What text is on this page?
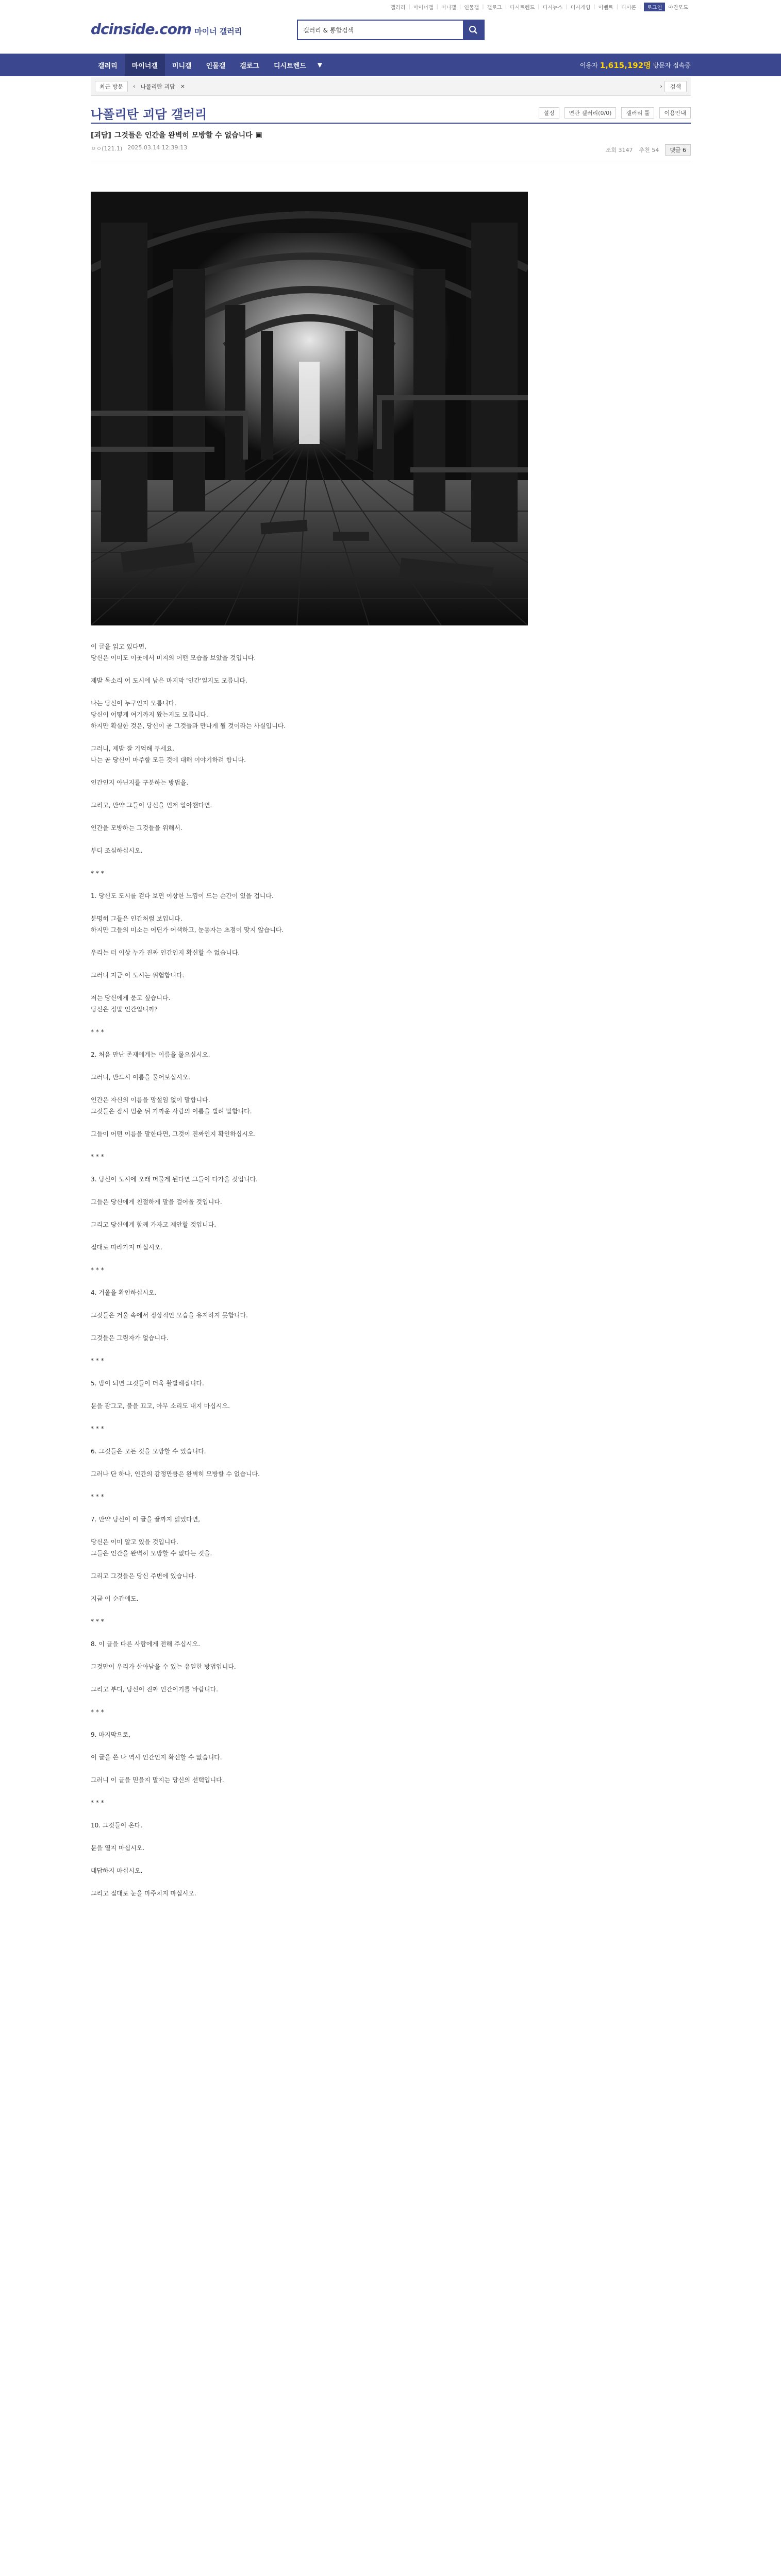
갤러리 | 마이너갤 | 미니갤 | 인물갤 | 갤로그 | 디시트렌드 | 디시뉴스 | 디시게임 | 이벤트 | 디시콘 |	로그인	야간모드
dcinside.com 마이너 갤러리
갤러리 & 통합검색
갤러리	마이너갤	미니갤	인물갤	갤로그	디시트렌드	▼	이용자 1,615,192명 방문자 접속중
최근 방문	‹ 나폴리탄 괴담 ×	›	검색
나폴리탄 괴담 갤러리	설정	연관 갤러리(0/0)	갤러리 툴	이용안내
[괴담] 그것들은 인간을 완벽히 모방할 수 없습니다 ▣
ㅇㅇ(121.1) 2025.03.14 12:39:13	조회 3147 추천 54	댓글 6

이 글을 읽고 있다면,

당신은 이미도 이곳에서 미지의 어떤 모습을 보았을 것입니다.

제발 목소리 어 도시에 남은 마지막 '인간'일지도 모릅니다.

나는 당신이 누구인지 모릅니다.

당신이 어떻게 여기까지 왔는지도 모릅니다.

하지만 확실한 것은, 당신이 곧 그것들과 만나게 될 것이라는 사실입니다.

그러니, 제발 잘 기억해 두세요.

나는 곧 당신이 마주할 모든 것에 대해 이야기하려 합니다.

인간인지 아닌지를 구분하는 방법을.

그리고, 만약 그들이 당신을 먼저 알아챈다면.

인간을 모방하는 그것들을 위해서.

부디 조심하십시오.

* * *

1. 당신도 도시를 걷다 보면 이상한 느낌이 드는 순간이 있을 겁니다.

분명히 그들은 인간처럼 보입니다.

하지만 그들의 미소는 어딘가 어색하고, 눈동자는 초점이 맞지 않습니다.

우리는 더 이상 누가 진짜 인간인지 확신할 수 없습니다.

그러니 지금 이 도시는 위험합니다.

저는 당신에게 묻고 싶습니다.

당신은 정말 인간입니까?

* * *

2. 처음 만난 존재에게는 이름을 물으십시오.

그러니, 반드시 이름을 물어보십시오.

인간은 자신의 이름을 망설임 없이 말합니다.

그것들은 잠시 멈춘 뒤 가까운 사람의 이름을 빌려 말합니다.

그들이 어떤 이름을 말한다면, 그것이 진짜인지 확인하십시오.

* * *

3. 당신이 도시에 오래 머물게 된다면 그들이 다가올 것입니다.

그들은 당신에게 친절하게 말을 걸어올 것입니다.

그리고 당신에게 함께 가자고 제안할 것입니다.

절대로 따라가지 마십시오.

* * *

4. 거울을 확인하십시오.

그것들은 거울 속에서 정상적인 모습을 유지하지 못합니다.

그것들은 그림자가 없습니다.

* * *

5. 밤이 되면 그것들이 더욱 활발해집니다.

문을 잠그고, 불을 끄고, 아무 소리도 내지 마십시오.

* * *

6. 그것들은 모든 것을 모방할 수 있습니다.

그러나 단 하나, 인간의 감정만큼은 완벽히 모방할 수 없습니다.

* * *

7. 만약 당신이 이 글을 끝까지 읽었다면,

당신은 이미 알고 있을 것입니다.

그들은 인간을 완벽히 모방할 수 없다는 것을.

그리고 그것들은 당신 주변에 있습니다.

지금 이 순간에도.

* * *

8. 이 글을 다른 사람에게 전해 주십시오.

그것만이 우리가 살아남을 수 있는 유일한 방법입니다.

그리고 부디, 당신이 진짜 인간이기를 바랍니다.

* * *

9. 마지막으로,

이 글을 쓴 나 역시 인간인지 확신할 수 없습니다.

그러니 이 글을 믿을지 말지는 당신의 선택입니다.

* * *

10. 그것들이 온다.

문을 열지 마십시오.

대답하지 마십시오.

그리고 절대로 눈을 마주치지 마십시오.
